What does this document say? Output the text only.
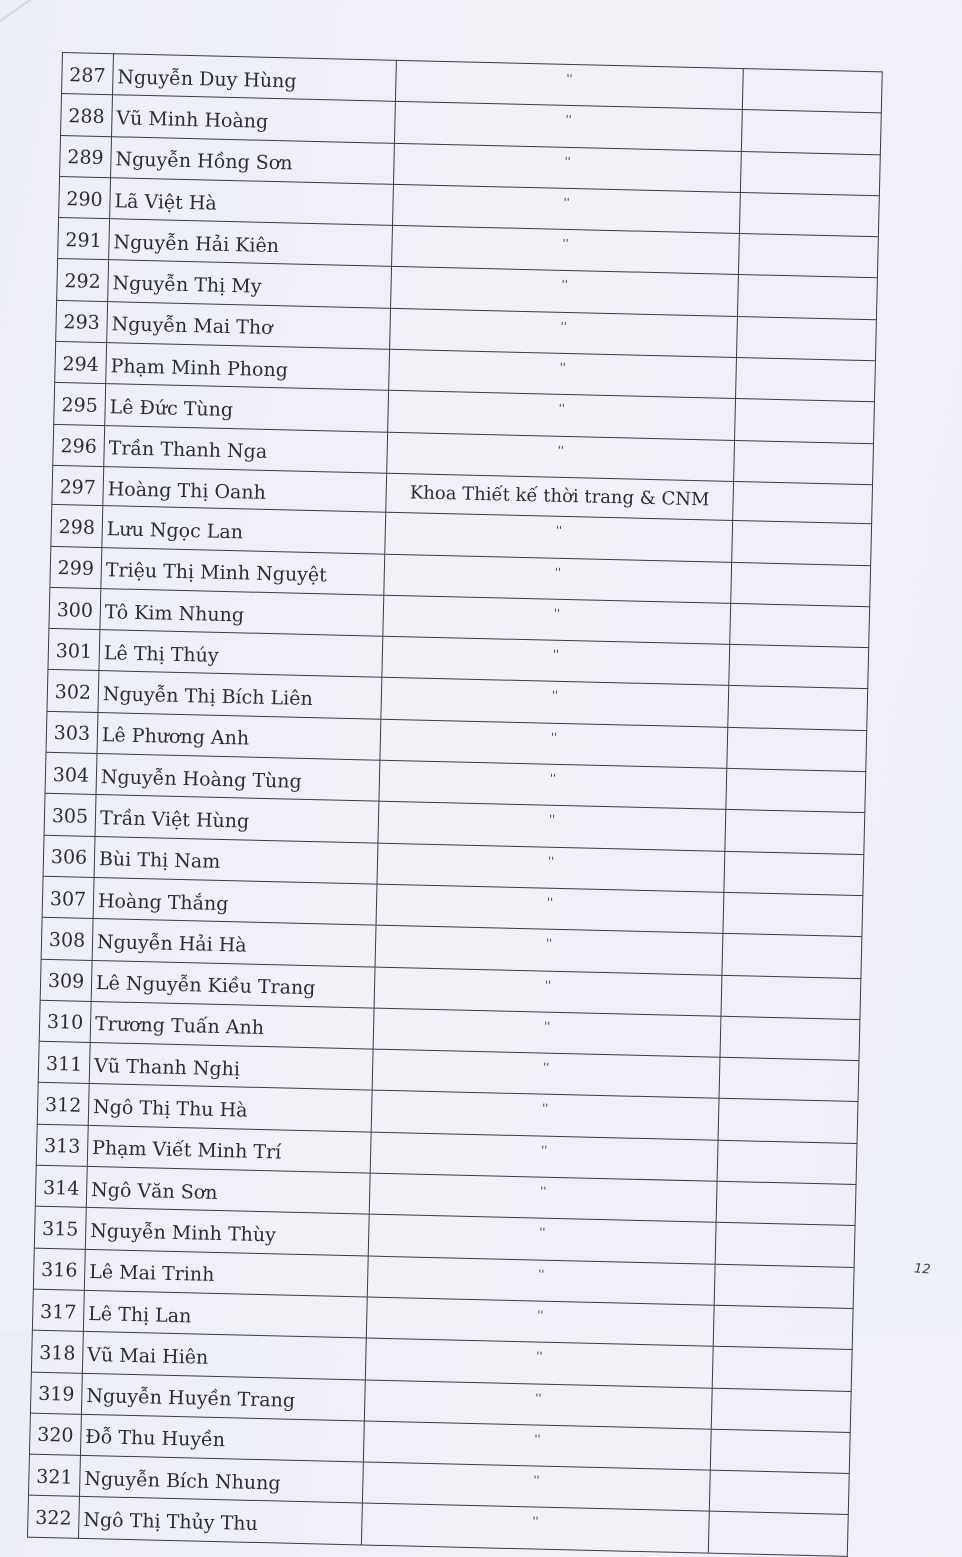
287	Nguyễn Duy Hùng	''	
288	Vũ Minh Hoàng	''	
289	Nguyễn Hồng Sơn	''	
290	Lã Việt Hà	''	
291	Nguyễn Hải Kiên	''	
292	Nguyễn Thị My	''	
293	Nguyễn Mai Thơ	''	
294	Phạm Minh Phong	''	
295	Lê Đức Tùng	''	
296	Trần Thanh Nga	''	
297	Hoàng Thị Oanh	Khoa Thiết kế thời trang & CNM	
298	Lưu Ngọc Lan	''	
299	Triệu Thị Minh Nguyệt	''	
300	Tô Kim Nhung	''	
301	Lê Thị Thúy	''	
302	Nguyễn Thị Bích Liên	''	
303	Lê Phương Anh	''	
304	Nguyễn Hoàng Tùng	''	
305	Trần Việt Hùng	''	
306	Bùi Thị Nam	''	
307	Hoàng Thắng	''	
308	Nguyễn Hải Hà	''	
309	Lê Nguyễn Kiều Trang	''	
310	Trương Tuấn Anh	''	
311	Vũ Thanh Nghị	''	
312	Ngô Thị Thu Hà	''	
313	Phạm Viết Minh Trí	''	
314	Ngô Văn Sơn	''	
315	Nguyễn Minh Thùy	''	
316	Lê Mai Trinh	''	
317	Lê Thị Lan	''	
318	Vũ Mai Hiên	''	
319	Nguyễn Huyền Trang	''	
320	Đỗ Thu Huyền	''	
321	Nguyễn Bích Nhung	''	
322	Ngô Thị Thủy Thu	''	
12
